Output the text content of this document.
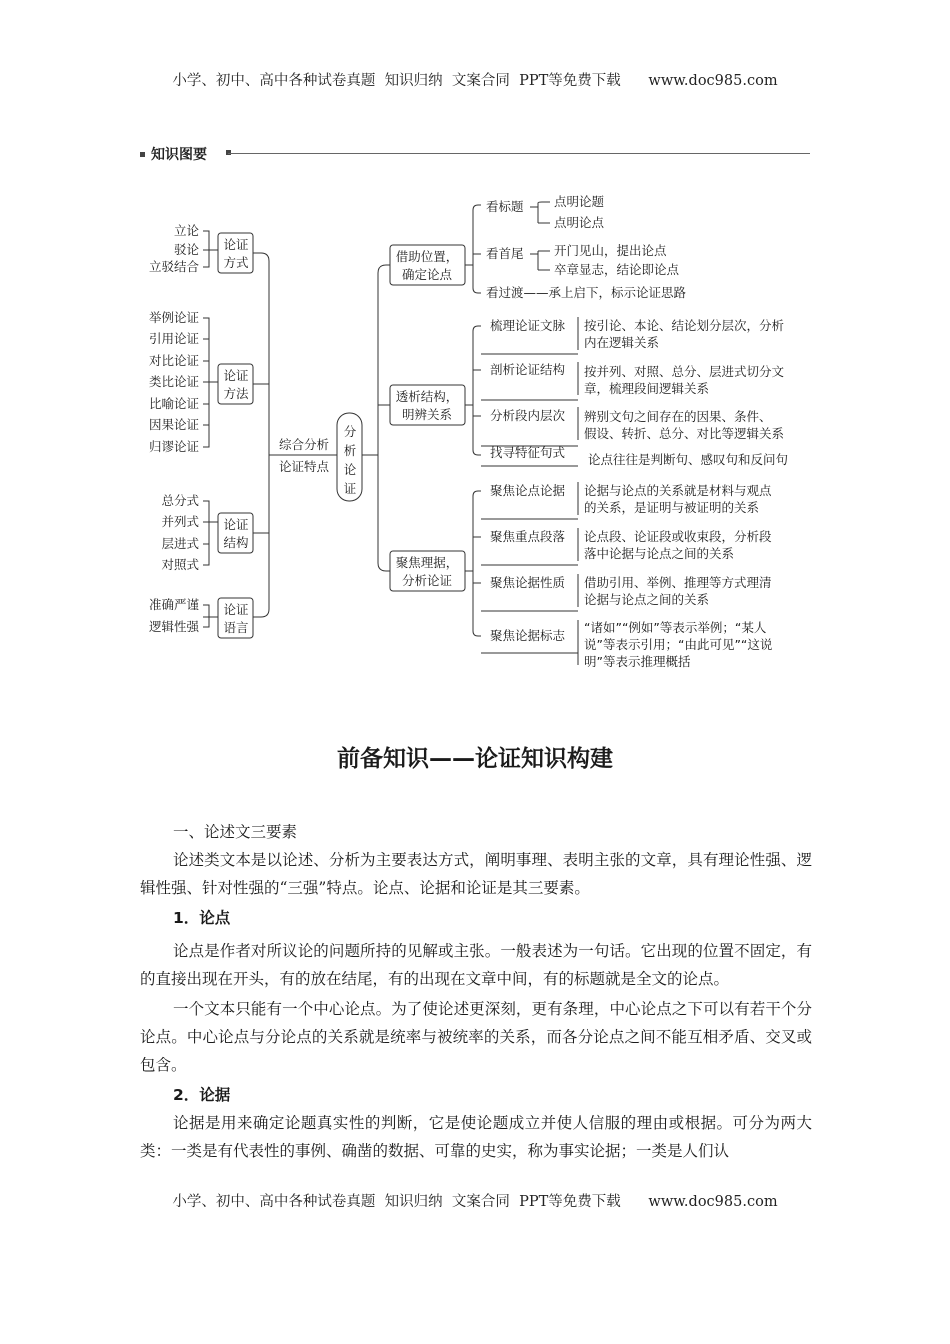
小学、初中、高中各种试卷真题  知识归纳  文案合同  PPT等免费下载 www.doc985.com
知识图要
立论
驳论
立驳结合
论证
方式
举例论证
引用论证
对比论证
类比论证
比喻论证
因果论证
归谬论证
论证
方法
总分式
并列式
层进式
对照式
论证
结构
准确严谨
逻辑性强
论证
语言
综合分析
论证特点
分
析
论
证
借助位置，
确定论点
透析结构，
明辨关系
聚焦理据，
分析论证
看标题 点明论题
点明论点
看首尾 开门见山，提出论点
卒章显志，结论即论点
看过渡——承上启下，标示论证思路
梳理论证文脉 按引论、本论、结论划分层次，分析
内在逻辑关系
剖析论证结构 按并列、对照、总分、层进式切分文
章，梳理段间逻辑关系
分析段内层次 辨别文句之间存在的因果、条件、
假设、转折、总分、对比等逻辑关系
找寻特征句式 论点往往是判断句、感叹句和反问句
聚焦论点论据 论据与论点的关系就是材料与观点
的关系，是证明与被证明的关系
聚焦重点段落 论点段、论证段或收束段，分析段
落中论据与论点之间的关系
聚焦论据性质 借助引用、举例、推理等方式理清
论据与论点之间的关系
聚焦论据标志
“诸如”“例如”等表示举例；“某人
说”等表示引用；“由此可见”“这说
明”等表示推理概括
前备知识——论证知识构建
一、论述文三要素
论述类文本是以论述、分析为主要表达方式，阐明事理、表明主张的文章，具有理论性强、逻辑性强、针对性强的“三强”特点。论点、论据和论证是其三要素。
1．论点
论点是作者对所议论的问题所持的见解或主张。一般表述为一句话。它出现的位置不固定，有的直接出现在开头，有的放在结尾，有的出现在文章中间，有的标题就是全文的论点。
一个文本只能有一个中心论点。为了使论述更深刻，更有条理，中心论点之下可以有若干个分论点。中心论点与分论点的关系就是统率与被统率的关系，而各分论点之间不能互相矛盾、交叉或包含。
2．论据
论据是用来确定论题真实性的判断，它是使论题成立并使人信服的理由或根据。可分为两大类：一类是有代表性的事例、确凿的数据、可靠的史实，称为事实论据；一类是人们认
小学、初中、高中各种试卷真题  知识归纳  文案合同  PPT等免费下载 www.doc985.com
